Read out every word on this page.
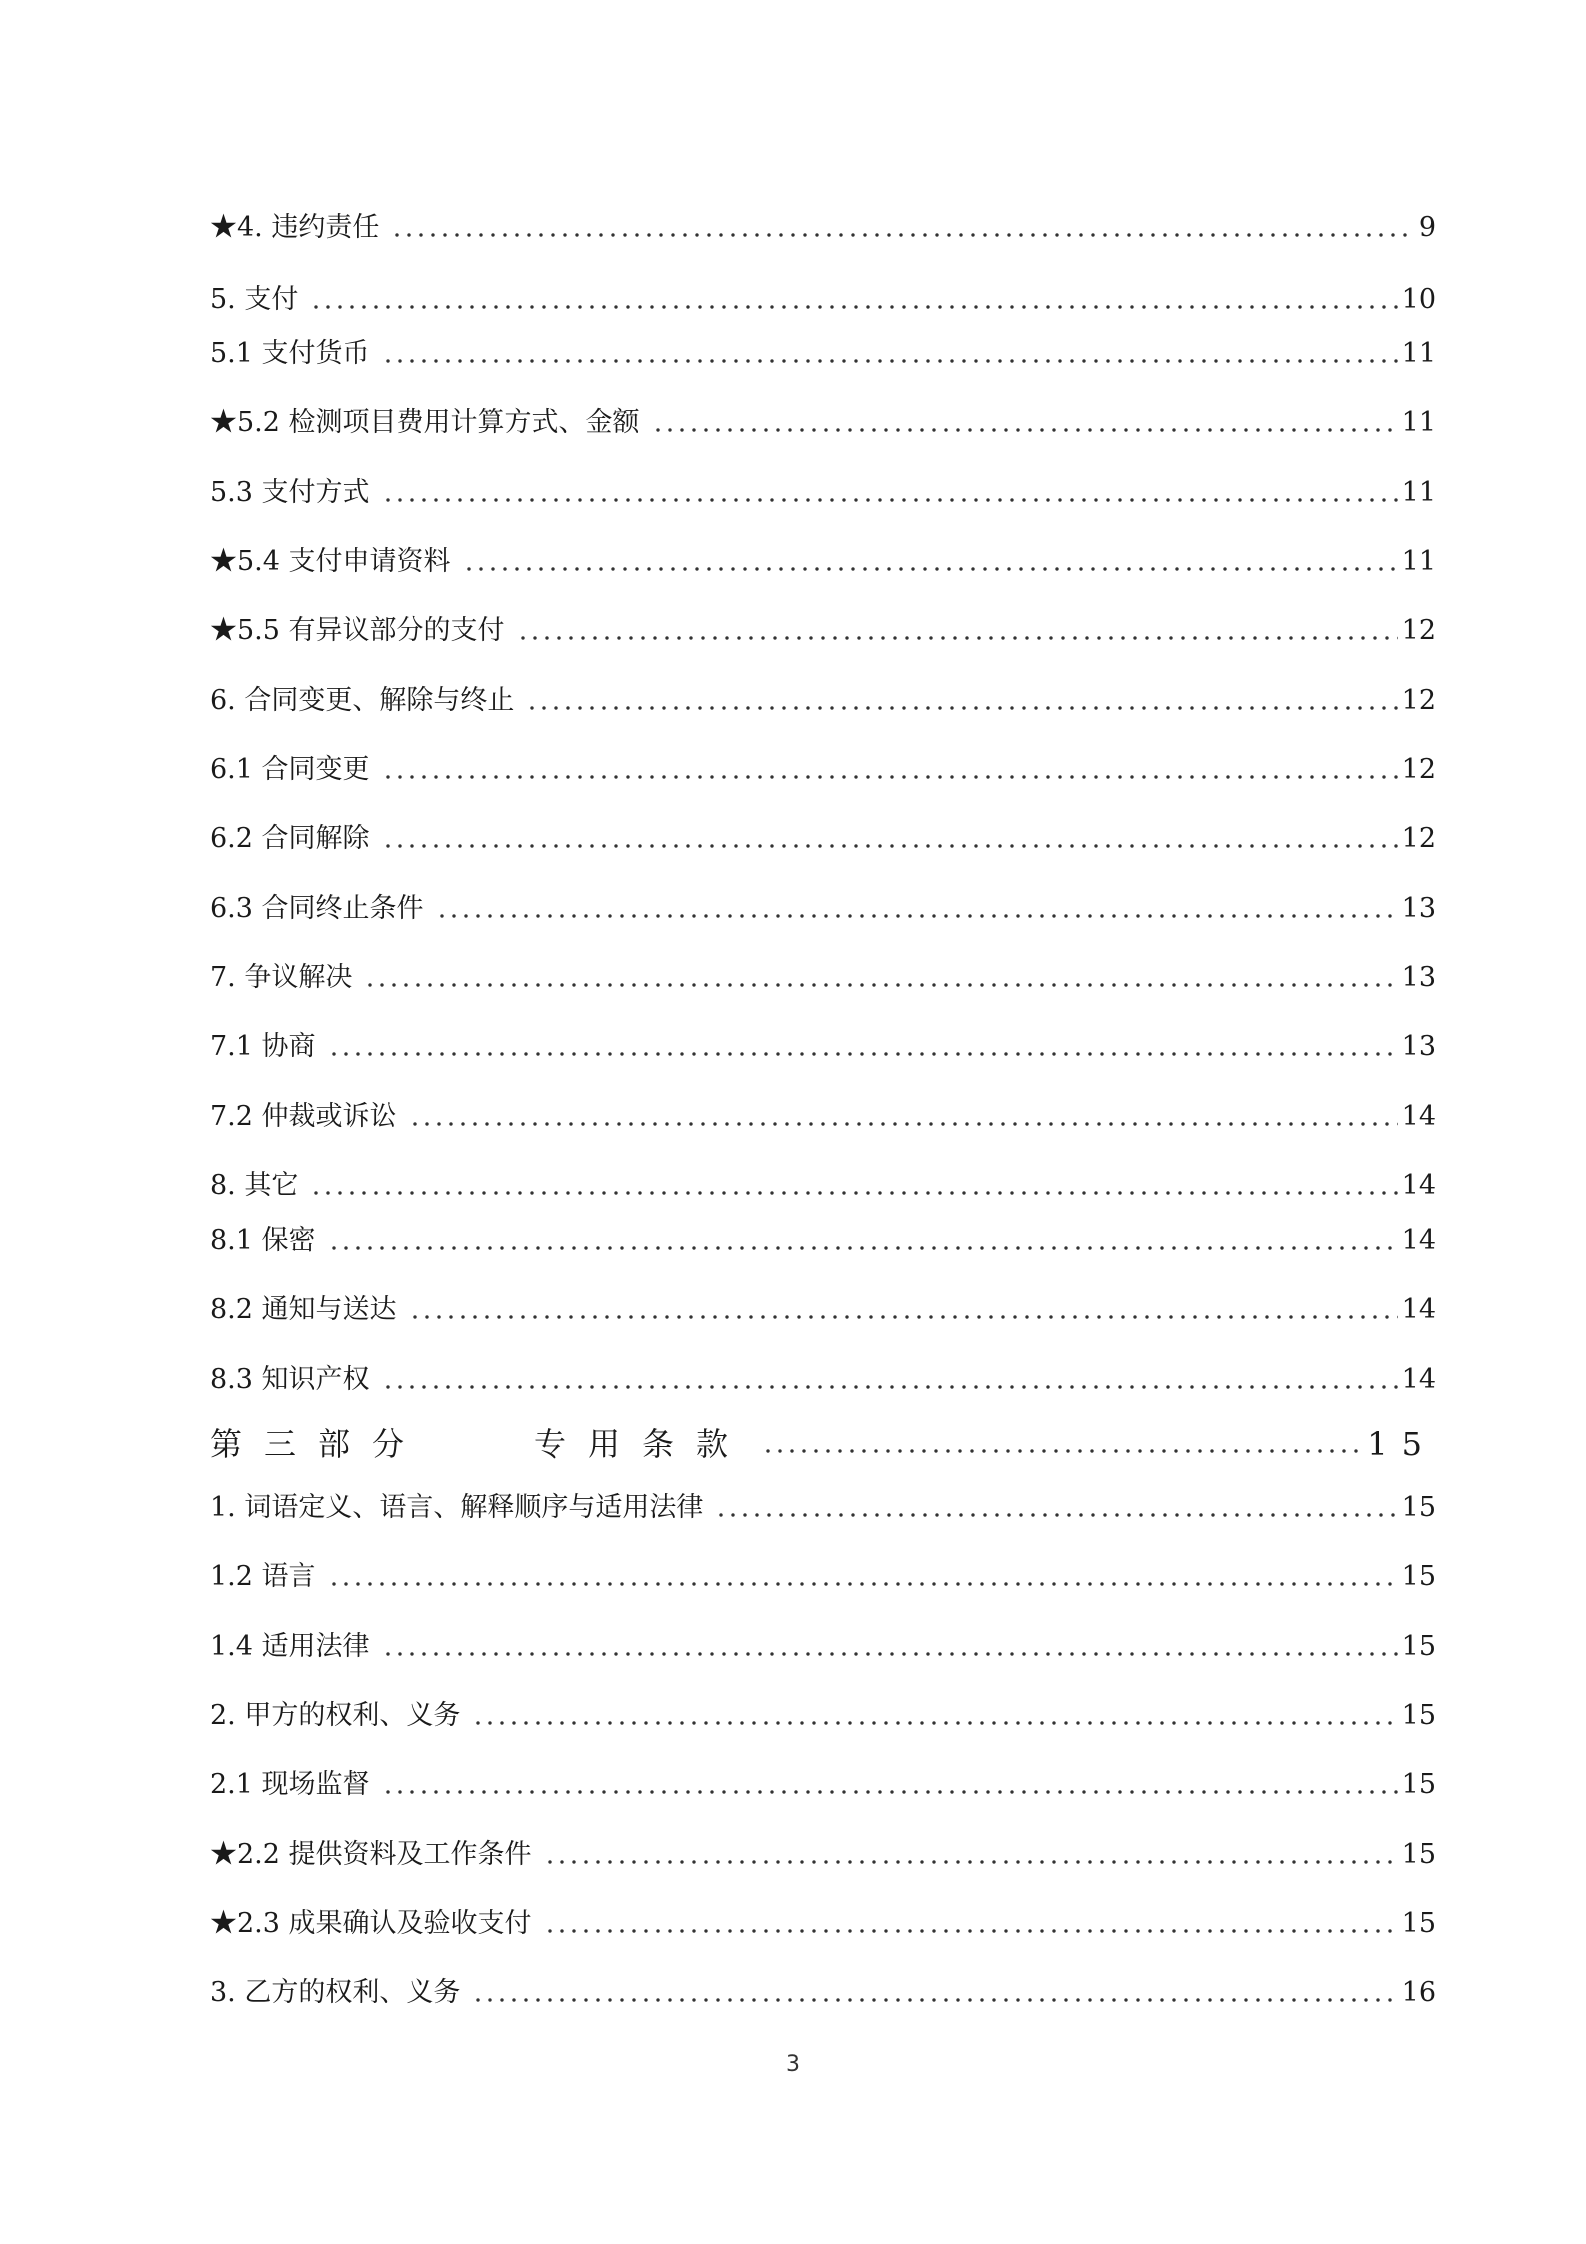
★4. 违约责任	9
5. 支付	10
5.1 支付货币	11
★5.2 检测项目费用计算方式、金额	11
5.3 支付方式	11
★5.4 支付申请资料	11
★5.5 有异议部分的支付	12
6. 合同变更、解除与终止	12
6.1 合同变更	12
6.2 合同解除	12
6.3 合同终止条件	13
7. 争议解决	13
7.1 协商	13
7.2 仲裁或诉讼	14
8. 其它	14
8.1 保密	14
8.2 通知与送达	14
8.3 知识产权	14
第三部分　　专用条款	15
1. 词语定义、语言、解释顺序与适用法律	15
1.2 语言	15
1.4 适用法律	15
2. 甲方的权利、义务	15
2.1 现场监督	15
★2.2 提供资料及工作条件	15
★2.3 成果确认及验收支付	15
3. 乙方的权利、义务	16
3
